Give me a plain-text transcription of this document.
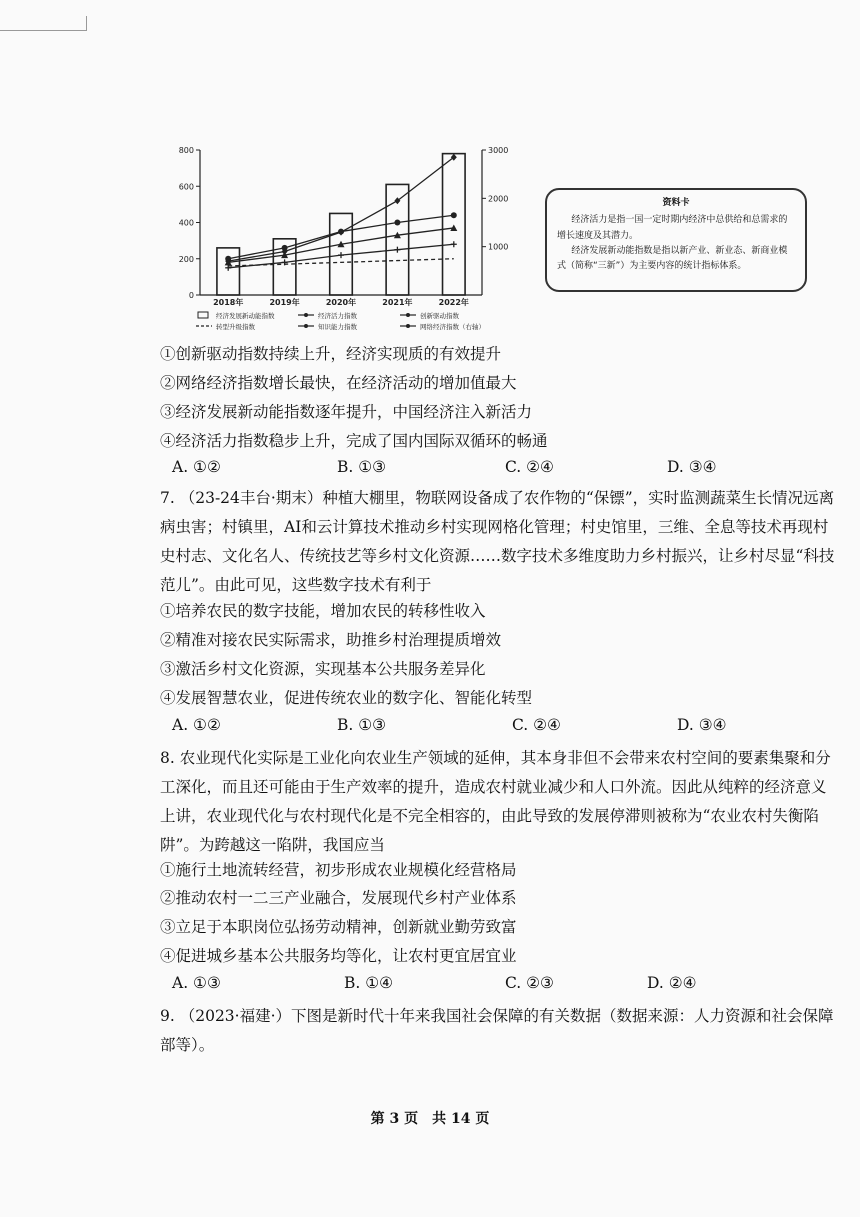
0
200
400
600
800
1000
2000
3000
2018年	2019年	2020年	2021年	2022年
经济发展新动能指数	经济活力指数	创新驱动指数
转型升级指数	知识能力指数	网络经济指数（右轴）
资料卡

经济活力是指一国一定时期内经济中总供给和总需求的增长速度及其潜力。

经济发展新动能指数是指以新产业、新业态、新商业模式（简称“三新”）为主要内容的统计指标体系。

①创新驱动指数持续上升，经济实现质的有效提升
②网络经济指数增长最快，在经济活动的增加值最大
③经济发展新动能指数逐年提升，中国经济注入新活力
④经济活力指数稳步上升，完成了国内国际双循环的畅通
A. ①②	B. ①③	C. ②④	D. ③④
7. （23-24丰台·期末）种植大棚里，物联网设备成了农作物的“保镖”，实时监测蔬菜生长情况远离病虫害；村镇里，AI和云计算技术推动乡村实现网格化管理；村史馆里，三维、全息等技术再现村史村志、文化名人、传统技艺等乡村文化资源……数字技术多维度助力乡村振兴，让乡村尽显“科技范儿”。由此可见，这些数字技术有利于
①培养农民的数字技能，增加农民的转移性收入
②精准对接农民实际需求，助推乡村治理提质增效
③激活乡村文化资源，实现基本公共服务差异化
④发展智慧农业，促进传统农业的数字化、智能化转型
A. ①②	B. ①③	C. ②④	D. ③④
8. 农业现代化实际是工业化向农业生产领域的延伸，其本身非但不会带来农村空间的要素集聚和分工深化，而且还可能由于生产效率的提升，造成农村就业减少和人口外流。因此从纯粹的经济意义上讲，农业现代化与农村现代化是不完全相容的，由此导致的发展停滞则被称为“农业农村失衡陷阱”。为跨越这一陷阱，我国应当
①施行土地流转经营，初步形成农业规模化经营格局
②推动农村一二三产业融合，发展现代乡村产业体系
③立足于本职岗位弘扬劳动精神，创新就业勤劳致富
④促进城乡基本公共服务均等化，让农村更宜居宜业
A. ①③	B. ①④	C. ②③	D. ②④
9. （2023·福建·）下图是新时代十年来我国社会保障的有关数据（数据来源：人力资源和社会保障部等）。
第 3 页　共 14 页
